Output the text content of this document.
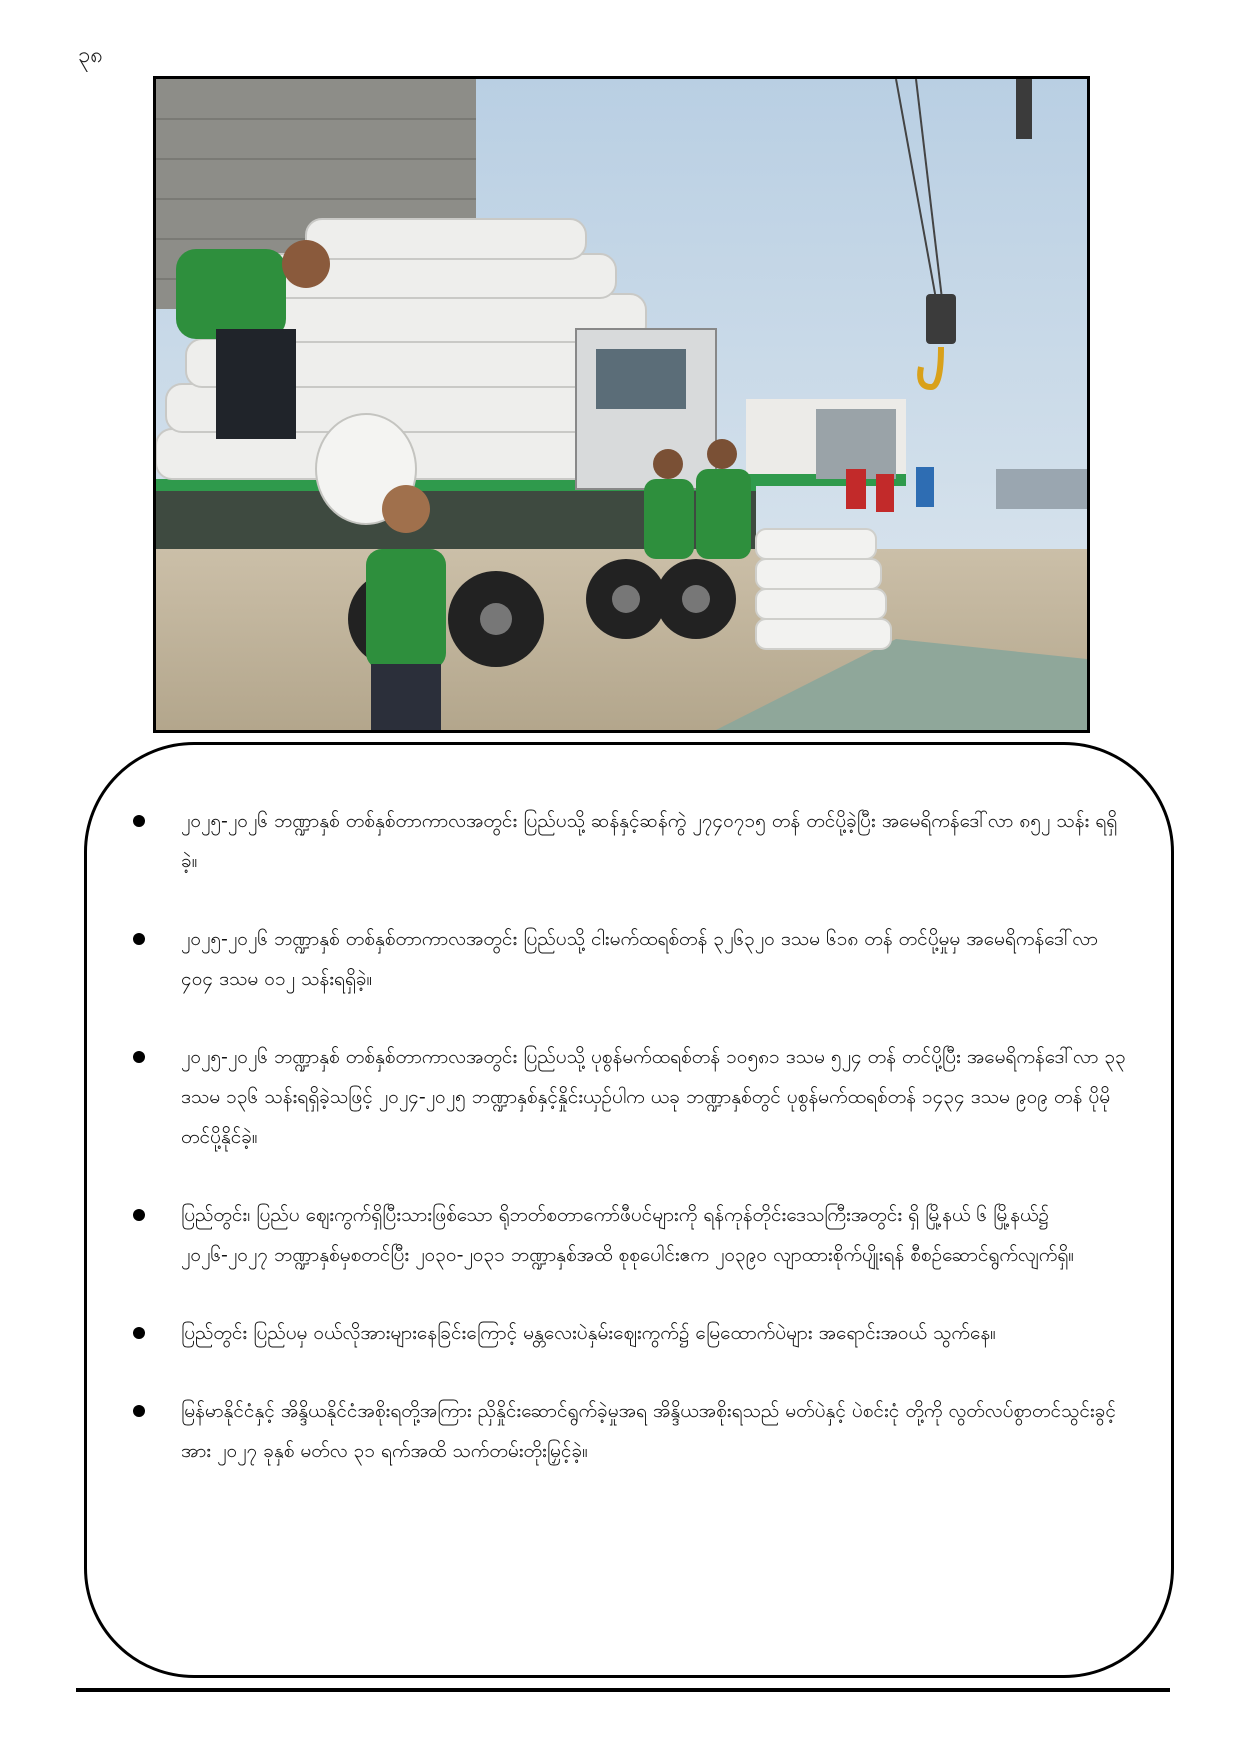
၃၈
၂၀၂၅-၂၀၂၆ ဘဏ္ဍာနှစ် တစ်နှစ်တာကာလအတွင်း ပြည်ပသို့ ဆန်နှင့်ဆန်ကွဲ ၂၇၄၀၇၁၅ တန် တင်ပို့ခဲ့ပြီး အမေရိကန်ဒေါ်လာ ၈၅၂ သန်း ရရှိခဲ့။
၂၀၂၅-၂၀၂၆ ဘဏ္ဍာနှစ် တစ်နှစ်တာကာလအတွင်း ပြည်ပသို့ ငါးမက်ထရစ်တန် ၃၂၆၃၂၀ ဒသမ ၆၁၈ တန် တင်ပို့မှုမှ အမေရိကန်ဒေါ်လာ ၄၀၄ ဒသမ ၀၁၂ သန်းရရှိခဲ့။
၂၀၂၅-၂၀၂၆ ဘဏ္ဍာနှစ် တစ်နှစ်တာကာလအတွင်း ပြည်ပသို့ ပုစွန်မက်ထရစ်တန် ၁၀၅၈၁ ဒသမ ၅၂၄ တန် တင်ပို့ပြီး အမေရိကန်ဒေါ်လာ ၃၃ ဒသမ ၁၃၆ သန်းရရှိခဲ့သဖြင့် ၂၀၂၄-၂၀၂၅ ဘဏ္ဍာနှစ်နှင့်နှိုင်းယှဉ်ပါက ယခု ဘဏ္ဍာနှစ်တွင် ပုစွန်မက်ထရစ်တန် ၁၄၃၄ ဒသမ ၉၀၉ တန် ပိုမိုတင်ပို့နိုင်ခဲ့။
ပြည်တွင်း၊ ပြည်ပ ဈေးကွက်ရှိပြီးသားဖြစ်သော ရိုဘတ်စတာကော်ဖီပင်များကို ရန်ကုန်တိုင်းဒေသကြီးအတွင်း ရှိ မြို့နယ် ၆ မြို့နယ်၌ ၂၀၂၆-၂၀၂၇ ဘဏ္ဍာနှစ်မှစတင်ပြီး ၂၀၃၀-၂၀၃၁ ဘဏ္ဍာနှစ်အထိ စုစုပေါင်းဧက ၂၀၃၉၀ လျာထားစိုက်ပျိုးရန် စီစဉ်ဆောင်ရွက်လျက်ရှိ။
ပြည်တွင်း ပြည်ပမှ ဝယ်လိုအားများနေခြင်းကြောင့် မန္တလေးပဲနှမ်းဈေးကွက်၌ မြေထောက်ပဲများ အရောင်းအဝယ် သွက်နေ။
မြန်မာနိုင်ငံနှင့် အိန္ဒိယနိုင်ငံအစိုးရတို့အကြား ညှိနှိုင်းဆောင်ရွက်ခဲ့မှုအရ အိန္ဒိယအစိုးရသည် မတ်ပဲနှင့် ပဲစင်းငုံ တို့ကို လွတ်လပ်စွာတင်သွင်းခွင့်အား ၂၀၂၇ ခုနှစ် မတ်လ ၃၁ ရက်အထိ သက်တမ်းတိုးမြှင့်ခဲ့။
